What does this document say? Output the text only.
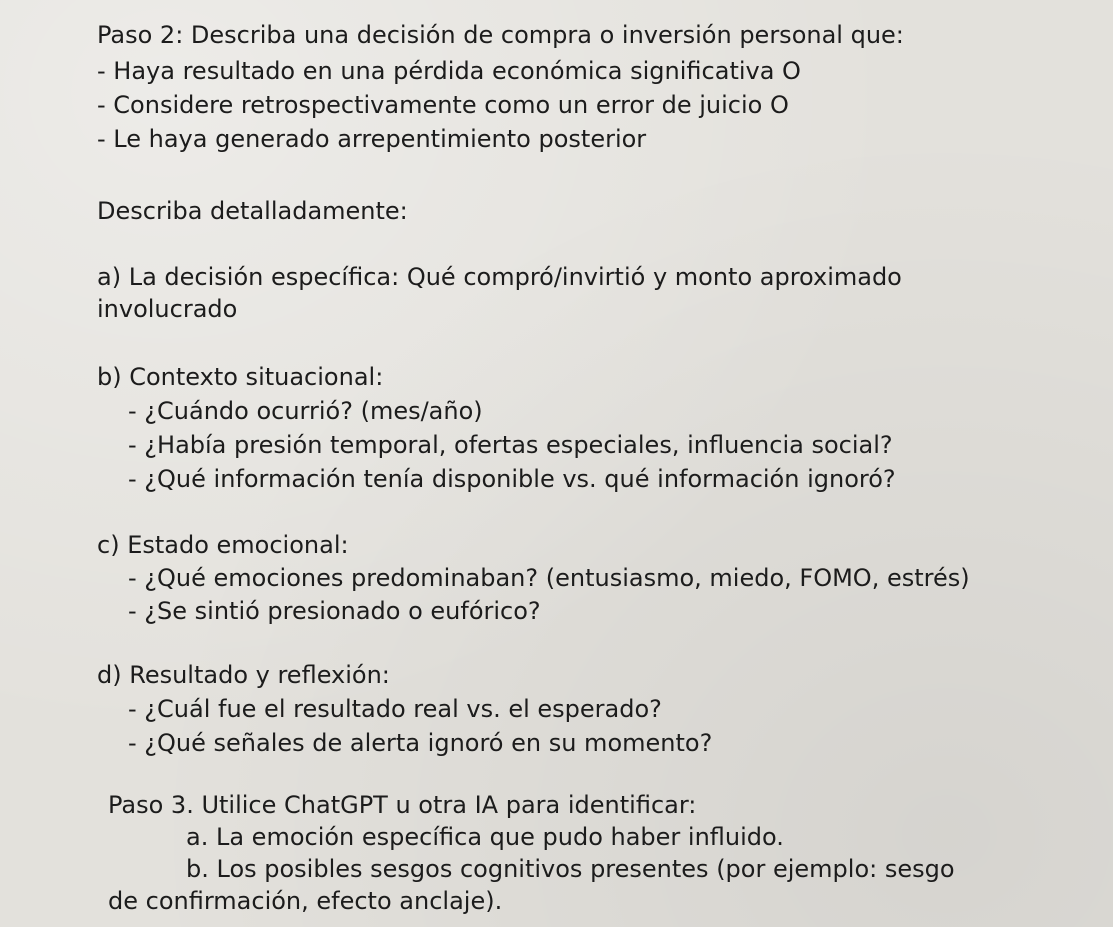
Paso 2: Describa una decisión de compra o inversión personal que:

- Haya resultado en una pérdida económica significativa O

- Considere retrospectivamente como un error de juicio O

- Le haya generado arrepentimiento posterior

Describa detalladamente:

a) La decisión específica: Qué compró/invirtió y monto aproximado

involucrado

b) Contexto situacional:

- ¿Cuándo ocurrió? (mes/año)

- ¿Había presión temporal, ofertas especiales, influencia social?

- ¿Qué información tenía disponible vs. qué información ignoró?

c) Estado emocional:

- ¿Qué emociones predominaban? (entusiasmo, miedo, FOMO, estrés)

- ¿Se sintió presionado o eufórico?

d) Resultado y reflexión:

- ¿Cuál fue el resultado real vs. el esperado?

- ¿Qué señales de alerta ignoró en su momento?

Paso 3. Utilice ChatGPT u otra IA para identificar:

a. La emoción específica que pudo haber influido.

b. Los posibles sesgos cognitivos presentes (por ejemplo: sesgo

de confirmación, efecto anclaje).
